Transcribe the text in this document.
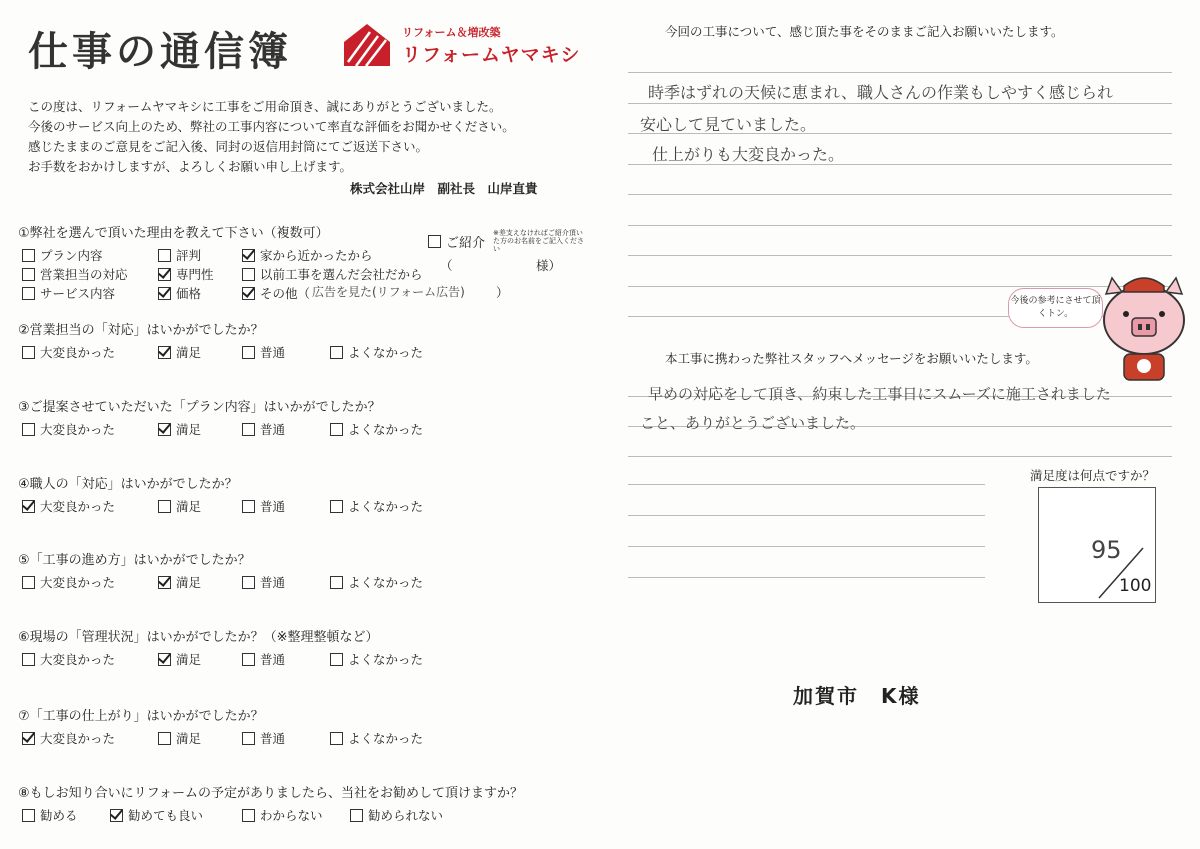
仕事の通信簿	リフォーム＆増改築
リフォームヤマキシ
この度は、リフォームヤマキシに工事をご用命頂き、誠にありがとうございました。
今後のサービス向上のため、弊社の工事内容について率直な評価をお聞かせください。
感じたままのご意見をご記入後、同封の返信用封筒にてご返送下さい。
お手数をおかけしますが、よろしくお願い申し上げます。
株式会社山岸　副社長　山岸直貴
①弊社を選んで頂いた理由を教えて下さい（複数可）
プラン内容	評判	家から近かったから
営業担当の対応	専門性	以前工事を選んだ会社だから
サービス内容	価格	その他（
ご紹介
※差支えなければご紹介頂いた方のお名前をご記入ください
（	様）
広告を見た(リフォーム広告) ）
②営業担当の「対応」はいかがでしたか？
大変良かった	満足	普通	よくなかった
③ご提案させていただいた「プラン内容」はいかがでしたか？
大変良かった	満足	普通	よくなかった
④職人の「対応」はいかがでしたか？
大変良かった	満足	普通	よくなかった
⑤「工事の進め方」はいかがでしたか？
大変良かった	満足	普通	よくなかった
⑥現場の「管理状況」はいかがでしたか？（※整理整頓など）
大変良かった	満足	普通	よくなかった
⑦「工事の仕上がり」はいかがでしたか？
大変良かった	満足	普通	よくなかった
⑧もしお知り合いにリフォームの予定がありましたら、当社をお勧めして頂けますか？
勧める	勧めても良い	わからない	勧められない
今回の工事について、感じ頂た事をそのままご記入お願いいたします。
時季はずれの天候に恵まれ、職人さんの作業もしやすく感じられ
安心して見ていました。
仕上がりも大変良かった。
今後の参考にさせて頂くトン。
本工事に携わった弊社スタッフへメッセージをお願いいたします。
早めの対応をして頂き、約束した工事日にスムーズに施工されました
こと、ありがとうございました。
満足度は何点ですか？
95
100
加賀市　K様
